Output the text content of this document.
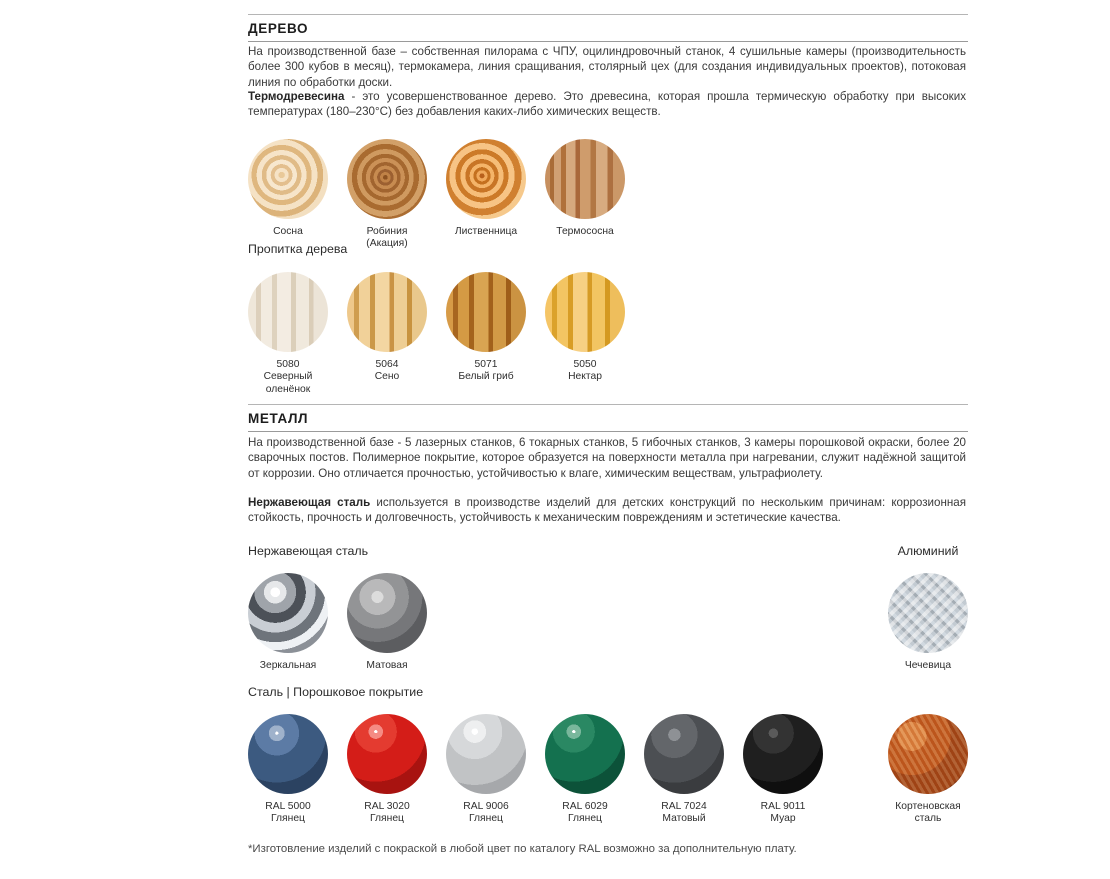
ДЕРЕВО
На производственной базе – собственная пилорама с ЧПУ, оцилиндровочный станок, 4 сушильные камеры (производительность более 300 кубов в месяц), термокамера, линия сращивания, столярный цех (для создания индивидуальных проектов), потоковая линия по обработки доски.
Термодревесина - это усовершенствованное дерево. Это древесина, которая прошла термическую обработку при высоких температурах (180–230°С) без добавления каких-либо химических веществ.
Сосна	Робиния (Акация)
Лиственница	Термососна
Пропитка дерева
5080
Северный
оленёнок
5064
Сено
5071
Белый гриб
5050
Нектар
МЕТАЛЛ
На производственной базе - 5 лазерных станков, 6 токарных станков, 5 гибочных станков, 3 камеры порошковой окраски, более 20 сварочных постов. Полимерное покрытие, которое образуется на поверхности металла при нагревании, служит надёжной защитой от коррозии. Оно отличается прочностью, устойчивостью к влаге, химическим веществам, ультрафиолету.
Нержавеющая сталь используется в производстве изделий для детских конструкций по нескольким причинам: коррозионная стойкость, прочность и долговечность, устойчивость к механическим повреждениям и эстетические качества.
Нержавеющая сталь	Алюминий
Зеркальная	Матовая	Чечевица
Сталь | Порошковое покрытие
RAL 5000
Глянец
RAL 3020
Глянец
RAL 9006
Глянец
RAL 6029
Глянец
RAL 7024
Матовый
RAL 9011
Муар
Кортеновская
сталь
*Изготовление изделий с покраской в любой цвет по каталогу RAL возможно за дополнительную плату.
